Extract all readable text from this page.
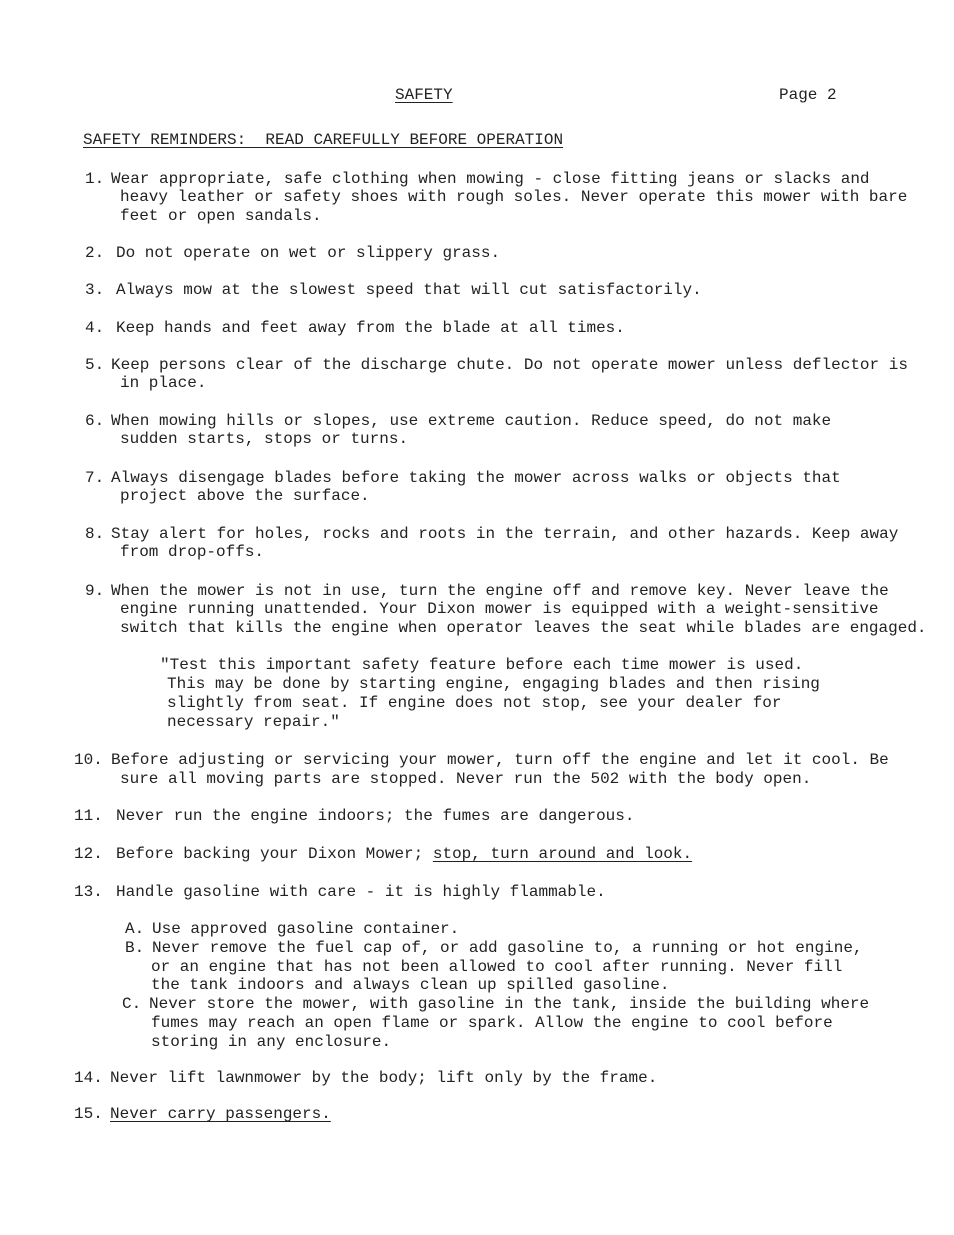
SAFETY	Page 2
SAFETY REMINDERS:  READ CAREFULLY BEFORE OPERATION
1. Wear appropriate, safe clothing when mowing - close fitting jeans or slacks and
heavy leather or safety shoes with rough soles. Never operate this mower with bare
feet or open sandals.
2. Do not operate on wet or slippery grass.
3. Always mow at the slowest speed that will cut satisfactorily.
4. Keep hands and feet away from the blade at all times.
5. Keep persons clear of the discharge chute. Do not operate mower unless deflector is
in place.
6. When mowing hills or slopes, use extreme caution. Reduce speed, do not make
sudden starts, stops or turns.
7. Always disengage blades before taking the mower across walks or objects that
project above the surface.
8. Stay alert for holes, rocks and roots in the terrain, and other hazards. Keep away
from drop-offs.
9. When the mower is not in use, turn the engine off and remove key. Never leave the
engine running unattended. Your Dixon mower is equipped with a weight-sensitive
switch that kills the engine when operator leaves the seat while blades are engaged.
"Test this important safety feature before each time mower is used.
This may be done by starting engine, engaging blades and then rising
slightly from seat. If engine does not stop, see your dealer for
necessary repair."
10. Before adjusting or servicing your mower, turn off the engine and let it cool. Be
sure all moving parts are stopped. Never run the 502 with the body open.
11. Never run the engine indoors; the fumes are dangerous.
12. Before backing your Dixon Mower; stop, turn around and look.
13. Handle gasoline with care - it is highly flammable.
A. Use approved gasoline container.
B. Never remove the fuel cap of, or add gasoline to, a running or hot engine,
or an engine that has not been allowed to cool after running. Never fill
the tank indoors and always clean up spilled gasoline.
C. Never store the mower, with gasoline in the tank, inside the building where
fumes may reach an open flame or spark. Allow the engine to cool before
storing in any enclosure.
14. Never lift lawnmower by the body; lift only by the frame.
15. Never carry passengers.
